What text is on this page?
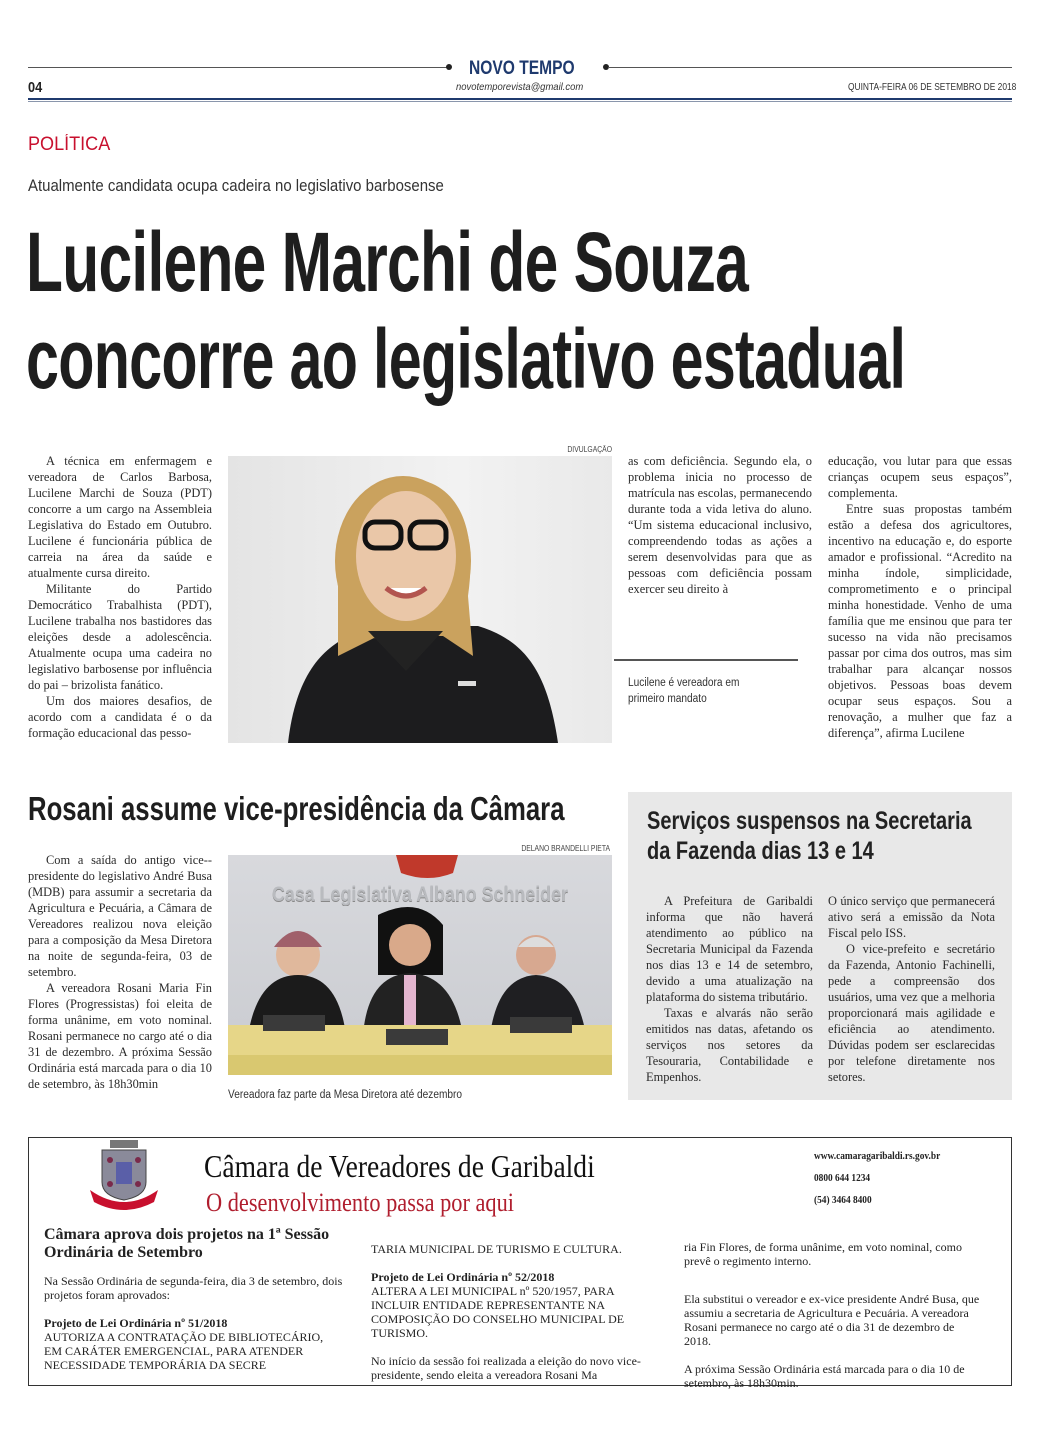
NOVO TEMPO
04	novotemporevista@gmail.com	QUINTA-FEIRA 06 DE SETEMBRO DE 2018
POLÍTICA
Atualmente candidata ocupa cadeira no legislativo barbosense
Lucilene Marchi de Souza
concorre ao legislativo estadual

A técnica em enfermagem e vereadora de Carlos Barbosa, Lucilene Marchi de Souza (PDT) concorre a um cargo na Assembleia Legislativa do Estado em Outubro. Lucilene é funcionária pública de carreia na área da saúde e atualmente cursa direito.

Militante do Partido Democrático Trabalhista (PDT), Lucilene trabalha nos bastidores das eleições desde a adolescência. Atualmente ocupa uma cadeira no legislativo barbosense por influência do pai – brizolista fanático.

Um dos maiores desafios, de acordo com a candidata é o da formação educacional das pesso-

DIVULGAÇÃO

as com deficiência. Segundo ela, o problema inicia no processo de matrícula nas escolas, permanecendo durante toda a vida letiva do aluno. “Um sistema educacional inclusivo, compreendendo todas as ações a serem desenvolvidas para que as pessoas com deficiência possam exercer seu direito à

Lucilene é vereadora em primeiro mandato

educação, vou lutar para que essas crianças ocupem seus espaços”, complementa.

Entre suas propostas também estão a defesa dos agricultores, incentivo na educação e, do esporte amador e profissional. “Acredito na minha índole, simplicidade, comprometimento e o principal minha honestidade. Venho de uma família que me ensinou que para ter sucesso na vida não precisamos passar por cima dos outros, mas sim trabalhar para alcançar nossos objetivos. Pessoas boas devem ocupar seus espaços. Sou a renovação, a mulher que faz a diferença”, afirma Lucilene

Rosani assume vice-presidência da Câmara

Com a saída do antigo vice--presidente do legislativo André Busa (MDB) para assumir a secretaria da Agricultura e Pecuária, a Câmara de Vereadores realizou nova eleição para a composição da Mesa Diretora na noite de segunda-feira, 03 de setembro.

A vereadora Rosani Maria Fin Flores (Progressistas) foi eleita de forma unânime, em voto nominal. Rosani permanece no cargo até o dia 31 de dezembro. A próxima Sessão Ordinária está marcada para o dia 10 de setembro, às 18h30min

DELANO BRANDELLI PIETA
Casa Legislativa Albano Schneider
Vereadora faz parte da Mesa Diretora até dezembro
Serviços suspensos na Secretaria
da Fazenda dias 13 e 14

A Prefeitura de Garibaldi informa que não haverá atendimento ao público na Secretaria Municipal da Fazenda nos dias 13 e 14 de setembro, devido a uma atualização na plataforma do sistema tributário.

Taxas e alvarás não serão emitidos nas datas, afetando os serviços nos setores da Tesouraria, Contabilidade e Empenhos.

O único serviço que permanecerá ativo será a emissão da Nota Fiscal pelo ISS.

O vice-prefeito e secretário da Fazenda, Antonio Fachinelli, pede a compreensão dos usuários, uma vez que a melhoria proporcionará mais agilidade e eficiência ao atendimento. Dúvidas podem ser esclarecidas por telefone diretamente nos setores.

Câmara de Vereadores de Garibaldi
O desenvolvimento passa por aqui
www.camaragaribaldi.rs.gov.br
0800 644 1234
(54) 3464 8400
Câmara aprova dois projetos na 1ª Sessão Ordinária de Setembro
Na Sessão Ordinária de segunda-feira, dia 3 de setembro, dois projetos foram aprovados:
Projeto de Lei Ordinária nº 51/2018
AUTORIZA A CONTRATAÇÃO DE BIBLIOTECÁRIO, EM CARÁTER EMERGENCIAL, PARA ATENDER NECESSIDADE TEMPORÁRIA DA SECRE
TARIA MUNICIPAL DE TURISMO E CULTURA.
Projeto de Lei Ordinária nº 52/2018
ALTERA A LEI MUNICIPAL nº 520/1957, PARA INCLUIR ENTIDADE REPRESENTANTE NA COMPOSIÇÃO DO CONSELHO MUNICIPAL DE TURISMO.
No início da sessão foi realizada a eleição do novo vice-presidente, sendo eleita a vereadora Rosani Ma
ria Fin Flores, de forma unânime, em voto nominal, como prevê o regimento interno.
Ela substitui o vereador e ex-vice presidente André Busa, que assumiu a secretaria de Agricultura e Pecuária. A vereadora Rosani permanece no cargo até o dia 31 de dezembro de 2018.
A próxima Sessão Ordinária está marcada para o dia 10 de setembro, às 18h30min.
